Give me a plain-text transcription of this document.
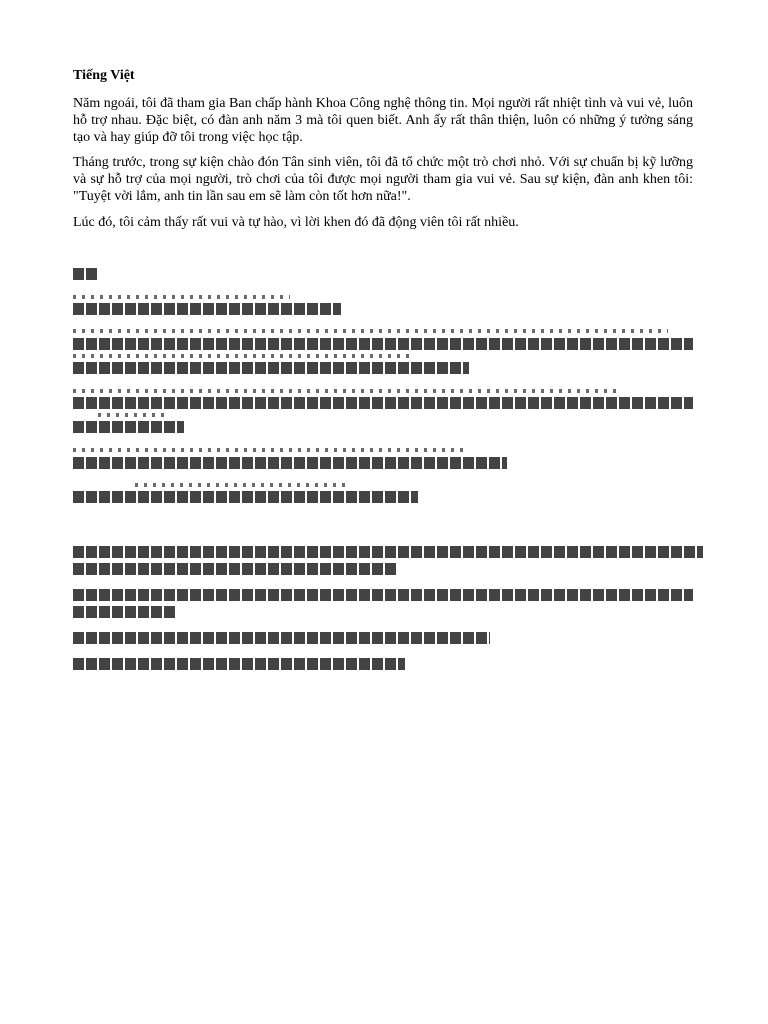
Tiếng Việt

Năm ngoái, tôi đã tham gia Ban chấp hành Khoa Công nghệ thông tin. Mọi người rất nhiệt tình và vui vẻ, luôn hỗ trợ nhau. Đặc biệt, có đàn anh năm 3 mà tôi quen biết. Anh ấy rất thân thiện, luôn có những ý tưởng sáng tạo và hay giúp đỡ tôi trong việc học tập.

Tháng trước, trong sự kiện chào đón Tân sinh viên, tôi đã tổ chức một trò chơi nhỏ. Với sự chuẩn bị kỹ lưỡng và sự hỗ trợ của mọi người, trò chơi của tôi được mọi người tham gia vui vẻ. Sau sự kiện, đàn anh khen tôi: "Tuyệt vời lắm, anh tin lần sau em sẽ làm còn tốt hơn nữa!".

Lúc đó, tôi cảm thấy rất vui và tự hào, vì lời khen đó đã động viên tôi rất nhiều.
